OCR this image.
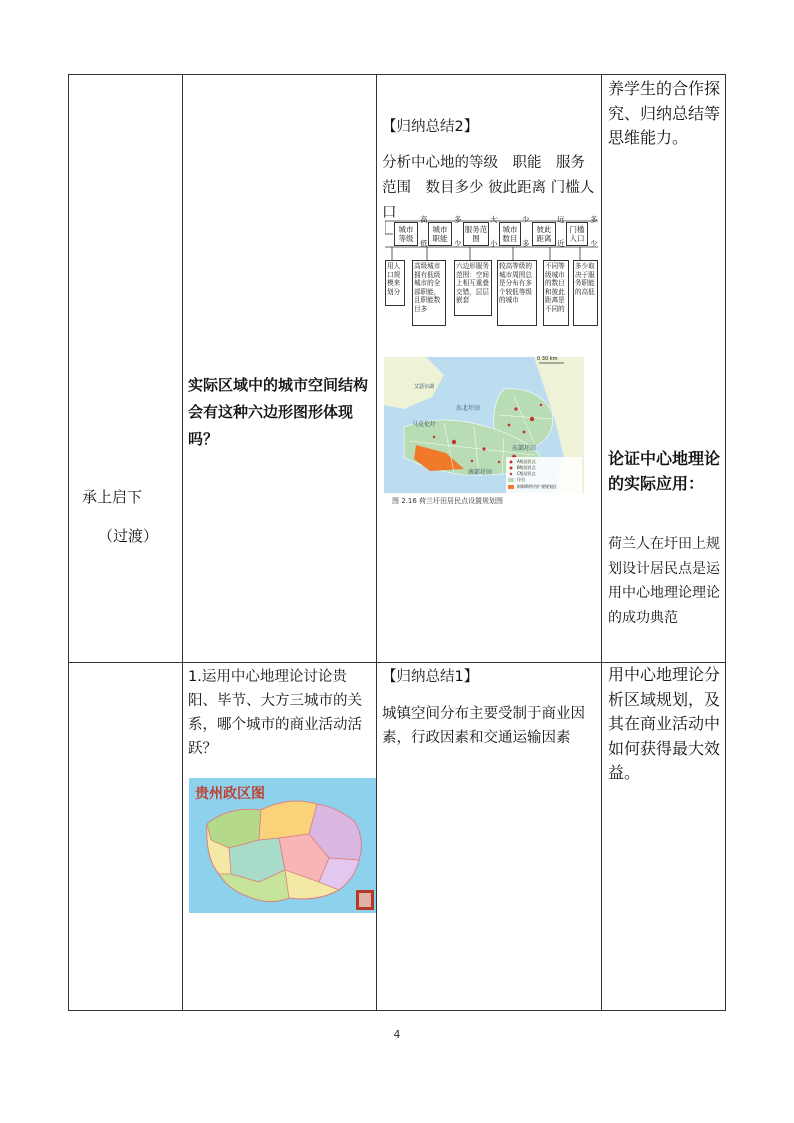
承上启下
（过渡）
实际区域中的城市空间结构会有这种六边形图形体现吗？
【归纳总结2】
分析中心地的等级　职能　服务范围　数目多少 彼此距离 门槛人口
城市等级
城市职能
服务范围
城市数目
彼此距离
门槛人口
高
低
多
少
大
小
少
多
远
近
多
少
用人口规模来划分
高级城市拥有低级城市的全部职能，且职能数目多
六边形服务范围：空间上相互重叠交错，层层嵌套
较高等级的城市周围总是分布有多个较低等级的城市
不同等级城市的数目和彼此距离是不同的
多少取决于服务职能的高低
0 30 km
东北圩田
马克伦圩
南部圩田
东部圩田
艾瑟尔湖
A级居民点
B级居民点
C级居民点
圩田
阿姆斯特丹扩建规划区
图 2.16 荷兰圩田居民点设置规划图
养学生的合作探究、归纳总结等思维能力。
论证中心地理论的实际应用：
荷兰人在圩田上规划设计居民点是运用中心地理论理论的成功典范
1.运用中心地理论讨论贵阳、毕节、大方三城市的关系，哪个城市的商业活动活跃？
贵州政区图
【归纳总结1】
城镇空间分布主要受制于商业因素，行政因素和交通运输因素
用中心地理论分析区域规划，及其在商业活动中如何获得最大效益。
4
